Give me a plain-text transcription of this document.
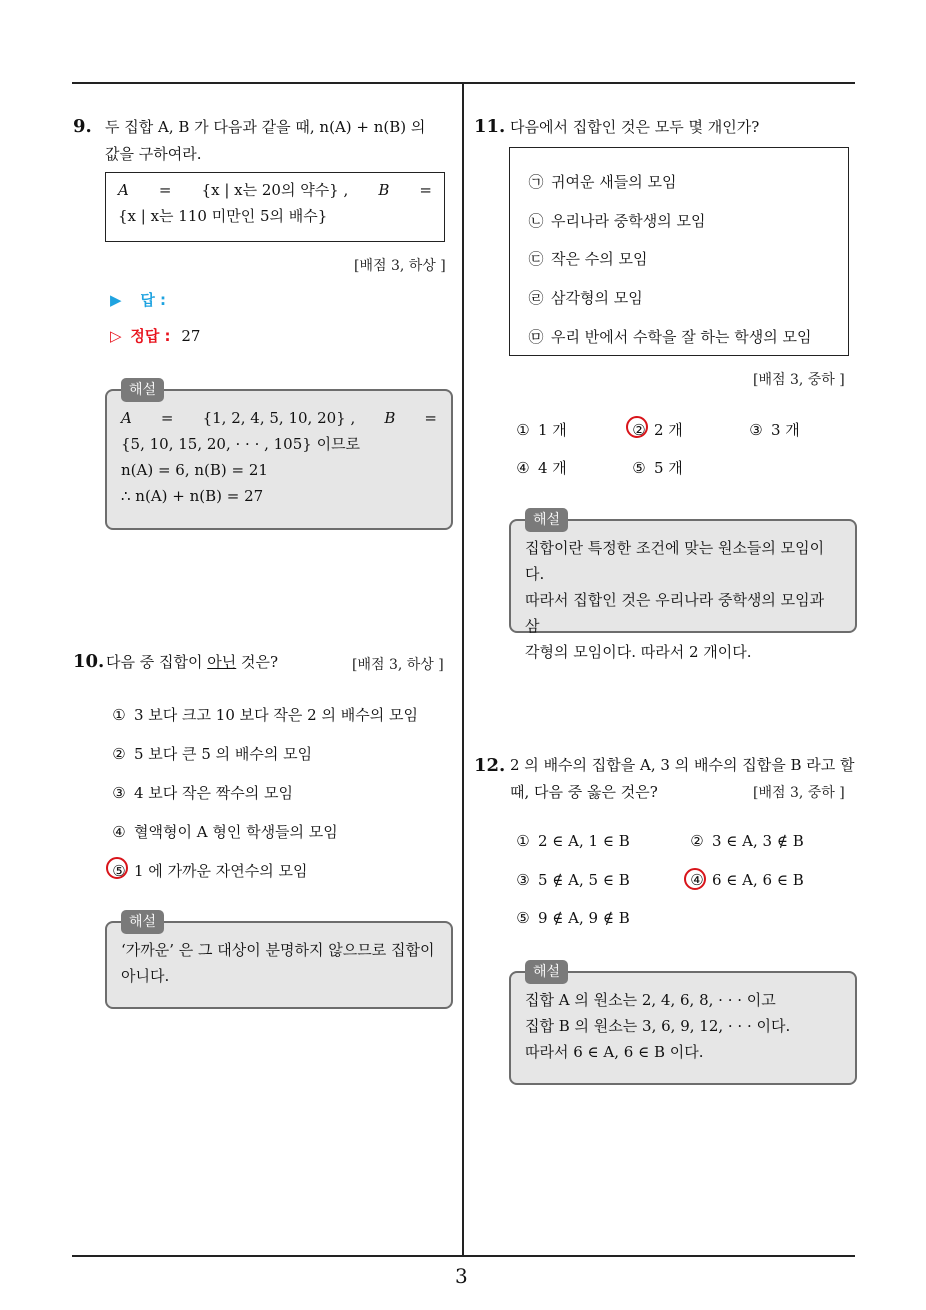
3
9. 두 집합 A, B 가 다음과 같을 때, n(A) + n(B) 의
값을 구하여라.
A = {x | x는 20의 약수} , B =
{x | x는 110 미만인 5의 배수}
[배점 3, 하상 ]
▶ 답 :
▷ 정답 : 27
해설
A = {1, 2, 4, 5, 10, 20} , B =
{5, 10, 15, 20, · · · , 105} 이므로
n(A) = 6, n(B) = 21
∴ n(A) + n(B) = 27
10. 다음 중 집합이 아닌 것은?	[배점 3, 하상 ]
① 3 보다 크고 10 보다 작은 2 의 배수의 모임
② 5 보다 큰 5 의 배수의 모임
③ 4 보다 작은 짝수의 모임
④ 혈액형이 A 형인 학생들의 모임
⑤ 1 에 가까운 자연수의 모임
해설
‘가까운’ 은 그 대상이 분명하지 않으므로 집합이
아니다.
11. 다음에서 집합인 것은 모두 몇 개인가?
㉠ 귀여운 새들의 모임
㉡ 우리나라 중학생의 모임
㉢ 작은 수의 모임
㉣ 삼각형의 모임
㉤ 우리 반에서 수학을 잘 하는 학생의 모임
[배점 3, 중하 ]
① 1 개	② 2 개	③ 3 개
④ 4 개	⑤ 5 개
해설
집합이란 특정한 조건에 맞는 원소들의 모임이다.
따라서 집합인 것은 우리나라 중학생의 모임과 삼
각형의 모임이다. 따라서 2 개이다.
12. 2 의 배수의 집합을 A, 3 의 배수의 집합을 B 라고 할
때, 다음 중 옳은 것은?	[배점 3, 중하 ]
① 2 ∈ A, 1 ∈ B	② 3 ∈ A, 3 ∉ B
③ 5 ∉ A, 5 ∈ B	④ 6 ∈ A, 6 ∈ B
⑤ 9 ∉ A, 9 ∉ B
해설
집합 A 의 원소는 2, 4, 6, 8, · · · 이고
집합 B 의 원소는 3, 6, 9, 12, · · · 이다.
따라서 6 ∈ A, 6 ∈ B 이다.
